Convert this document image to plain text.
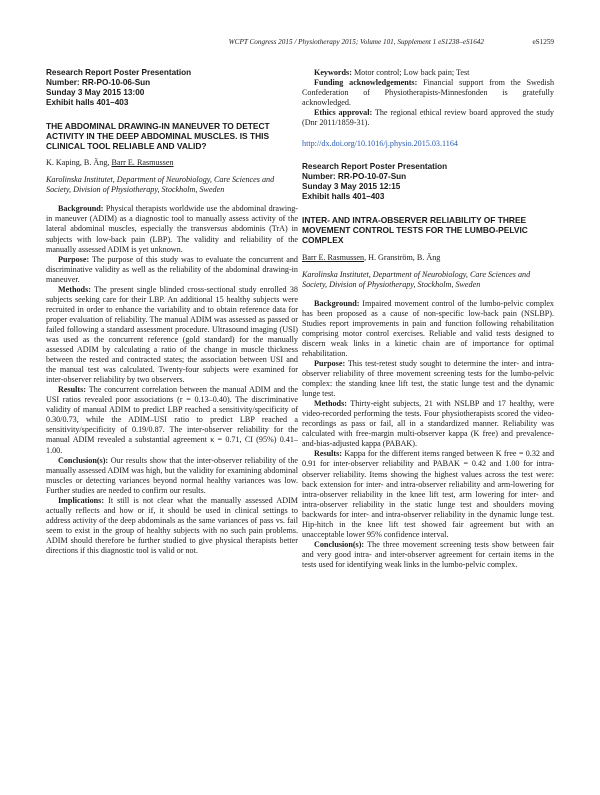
WCPT Congress 2015 / Physiotherapy 2015; Volume 101, Supplement 1 eS1238–eS1642	eS1259
Research Report Poster Presentation
Number: RR-PO-10-06-Sun
Sunday 3 May 2015 13:00
Exhibit halls 401–403
THE ABDOMINAL DRAWING-IN MANEUVER TO DETECT ACTIVITY IN THE DEEP ABDOMINAL MUSCLES. IS THIS CLINICAL TOOL RELIABLE AND VALID?

K. Kaping, B. Äng, Barr E. Rasmussen

Karolinska Institutet, Department of Neurobiology, Care Sciences and Society, Division of Physiotherapy, Stockholm, Sweden

Background: Physical therapists worldwide use the abdominal drawing-in maneuver (ADIM) as a diagnostic tool to manually assess activity of the lateral abdominal muscles, especially the transversus abdominis (TrA) in subjects with low-back pain (LBP). The validity and reliability of the manually assessed ADIM is yet unknown.

Purpose: The purpose of this study was to evaluate the concurrent and discriminative validity as well as the reliability of the abdominal drawing-in maneuver.

Methods: The present single blinded cross-sectional study enrolled 38 subjects seeking care for their LBP. An additional 15 healthy subjects were recruited in order to enhance the variability and to obtain reference data for proper evaluation of reliability. The manual ADIM was assessed as passed or failed following a standard assessment procedure. Ultrasound imaging (USI) was used as the concurrent reference (gold standard) for the manually assessed ADIM by calculating a ratio of the change in muscle thickness between the rested and contracted states; the association between USI and the manual test was calculated. Twenty-four subjects were examined for inter-observer reliability by two observers.

Results: The concurrent correlation between the manual ADIM and the USI ratios revealed poor associations (r = 0.13–0.40). The discriminative validity of manual ADIM to predict LBP reached a sensitivity/specificity of 0.30/0.73, while the ADIM–USI ratio to predict LBP reached a sensitivity/specificity of 0.19/0.87. The inter-observer reliability for the manual ADIM revealed a substantial agreement κ = 0.71, CI (95%) 0.41–1.00.

Conclusion(s): Our results show that the inter-observer reliability of the manually assessed ADIM was high, but the validity for examining abdominal muscles or detecting variances beyond normal healthy variances was low. Further studies are needed to confirm our results.

Implications: It still is not clear what the manually assessed ADIM actually reflects and how or if, it should be used in clinical settings to address activity of the deep abdominals as the same variances of pass vs. fail seem to exist in the group of healthy subjects with no such pain problems. ADIM should therefore be further studied to give physical therapists better directions if this diagnostic tool is valid or not.

Keywords: Motor control; Low back pain; Test

Funding acknowledgements: Financial support from the Swedish Confederation of Physiotherapists-Minnesfonden is gratefully acknowledged.

Ethics approval: The regional ethical review board approved the study (Dnr 2011/1859-31).

http://dx.doi.org/10.1016/j.physio.2015.03.1164

Research Report Poster Presentation
Number: RR-PO-10-07-Sun
Sunday 3 May 2015 12:15
Exhibit halls 401–403
INTER- AND INTRA-OBSERVER RELIABILITY OF THREE MOVEMENT CONTROL TESTS FOR THE LUMBO-PELVIC COMPLEX

Barr E. Rasmussen, H. Granström, B. Äng

Karolinska Institutet, Department of Neurobiology, Care Sciences and Society, Division of Physiotherapy, Stockholm, Sweden

Background: Impaired movement control of the lumbo-pelvic complex has been proposed as a cause of non-specific low-back pain (NSLBP). Studies report improvements in pain and function following rehabilitation comprising motor control exercises. Reliable and valid tests designed to discern weak links in a kinetic chain are of importance for optimal rehabilitation.

Purpose: This test-retest study sought to determine the inter- and intra-observer reliability of three movement screening tests for the lumbo-pelvic complex: the standing knee lift test, the static lunge test and the dynamic lunge test.

Methods: Thirty-eight subjects, 21 with NSLBP and 17 healthy, were video-recorded performing the tests. Four physiotherapists scored the video-recordings as pass or fail, all in a standardized manner. Reliability was calculated with free-margin multi-observer kappa (K free) and prevalence-and-bias-adjusted kappa (PABAK).

Results: Kappa for the different items ranged between K free = 0.32 and 0.91 for inter-observer reliability and PABAK = 0.42 and 1.00 for intra-observer reliability. Items showing the highest values across the test were: back extension for inter- and intra-observer reliability and arm-lowering for intra-observer reliability in the knee lift test, arm lowering for inter- and intra-observer reliability in the static lunge test and shoulders moving backwards for inter- and intra-observer reliability in the dynamic lunge test. Hip-hitch in the knee lift test showed fair agreement but with an unacceptable lower 95% confidence interval.

Conclusion(s): The three movement screening tests show between fair and very good intra- and inter-observer agreement for certain items in the tests used for identifying weak links in the lumbo-pelvic complex.
